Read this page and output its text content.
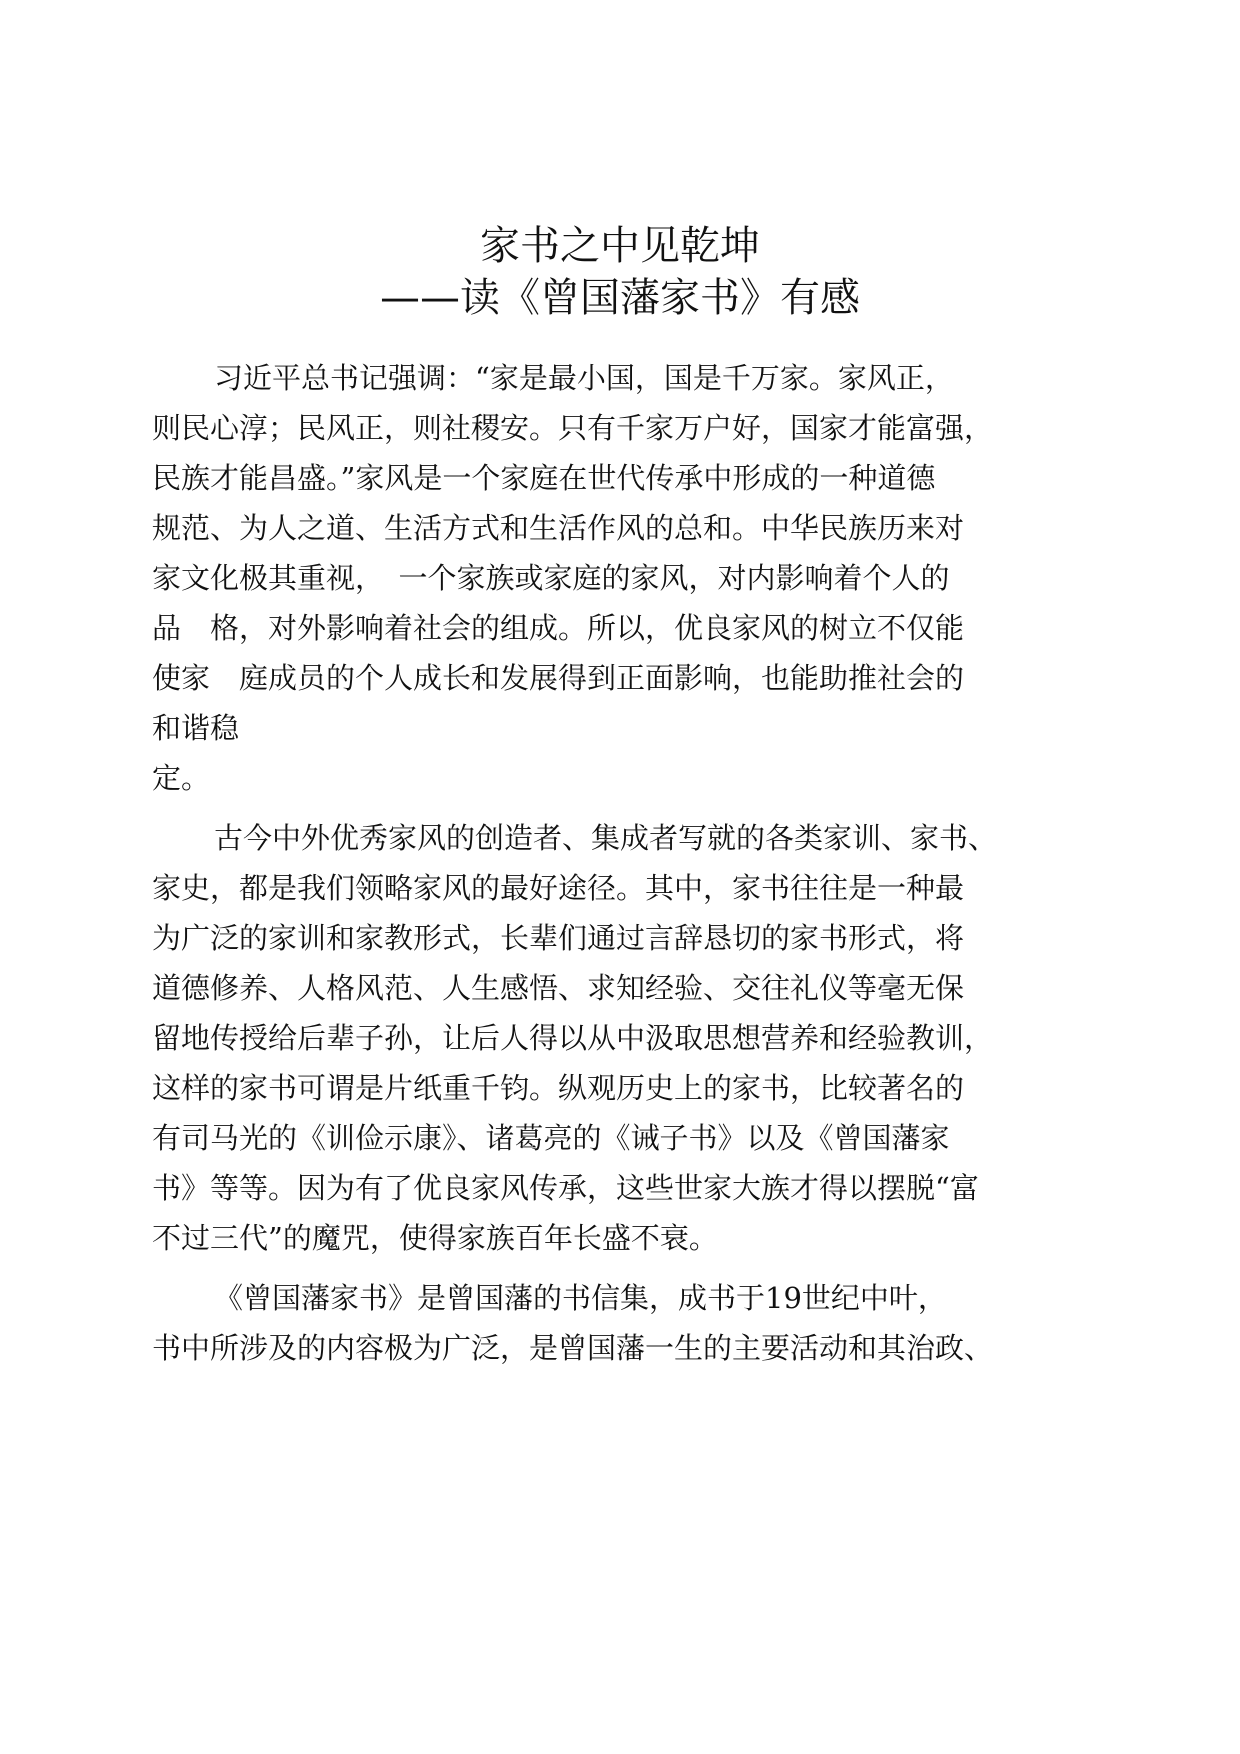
家书之中见乾坤
——读《曾国藩家书》有感
习近平总书记强调：“家是最小国，国是千万家。家风正，
则民心淳；民风正，则社稷安。只有千家万户好，国家才能富强，
民族才能昌盛。”家风是一个家庭在世代传承中形成的一种道德
规范、为人之道、生活方式和生活作风的总和。中华民族历来对
家文化极其重视，　一个家族或家庭的家风，对内影响着个人的
品　格，对外影响着社会的组成。所以，优良家风的树立不仅能
使家　庭成员的个人成长和发展得到正面影响，也能助推社会的
和谐稳
定。
古今中外优秀家风的创造者、集成者写就的各类家训、家书、
家史，都是我们领略家风的最好途径。其中，家书往往是一种最
为广泛的家训和家教形式，长辈们通过言辞恳切的家书形式，将
道德修养、人格风范、人生感悟、求知经验、交往礼仪等毫无保
留地传授给后辈子孙，让后人得以从中汲取思想营养和经验教训，
这样的家书可谓是片纸重千钧。纵观历史上的家书，比较著名的
有司马光的《训俭示康》、诸葛亮的《诫子书》以及《曾国藩家
书》等等。因为有了优良家风传承，这些世家大族才得以摆脱“富
不过三代”的魔咒，使得家族百年长盛不衰。
《曾国藩家书》是曾国藩的书信集，成书于19世纪中叶，
书中所涉及的内容极为广泛，是曾国藩一生的主要活动和其治政、
